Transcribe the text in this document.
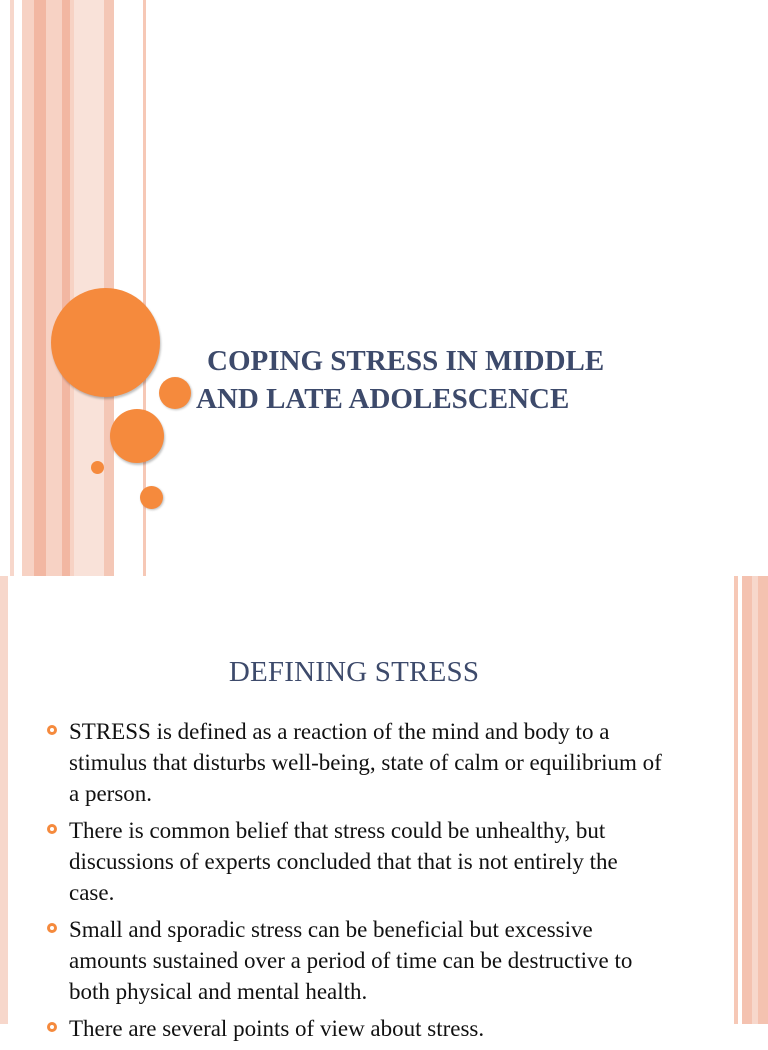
COPING STRESS IN MIDDLE
AND LATE ADOLESCENCE
DEFINING STRESS
STRESS is defined as a reaction of the mind and body to a stimulus that disturbs well-being, state of calm or equilibrium of a person.
There is common belief that stress could be unhealthy, but discussions of experts concluded that that is not entirely the case.
Small and sporadic stress can be beneficial but excessive amounts sustained over a period of time can be destructive to both physical and mental health.
There are several points of view about stress.
